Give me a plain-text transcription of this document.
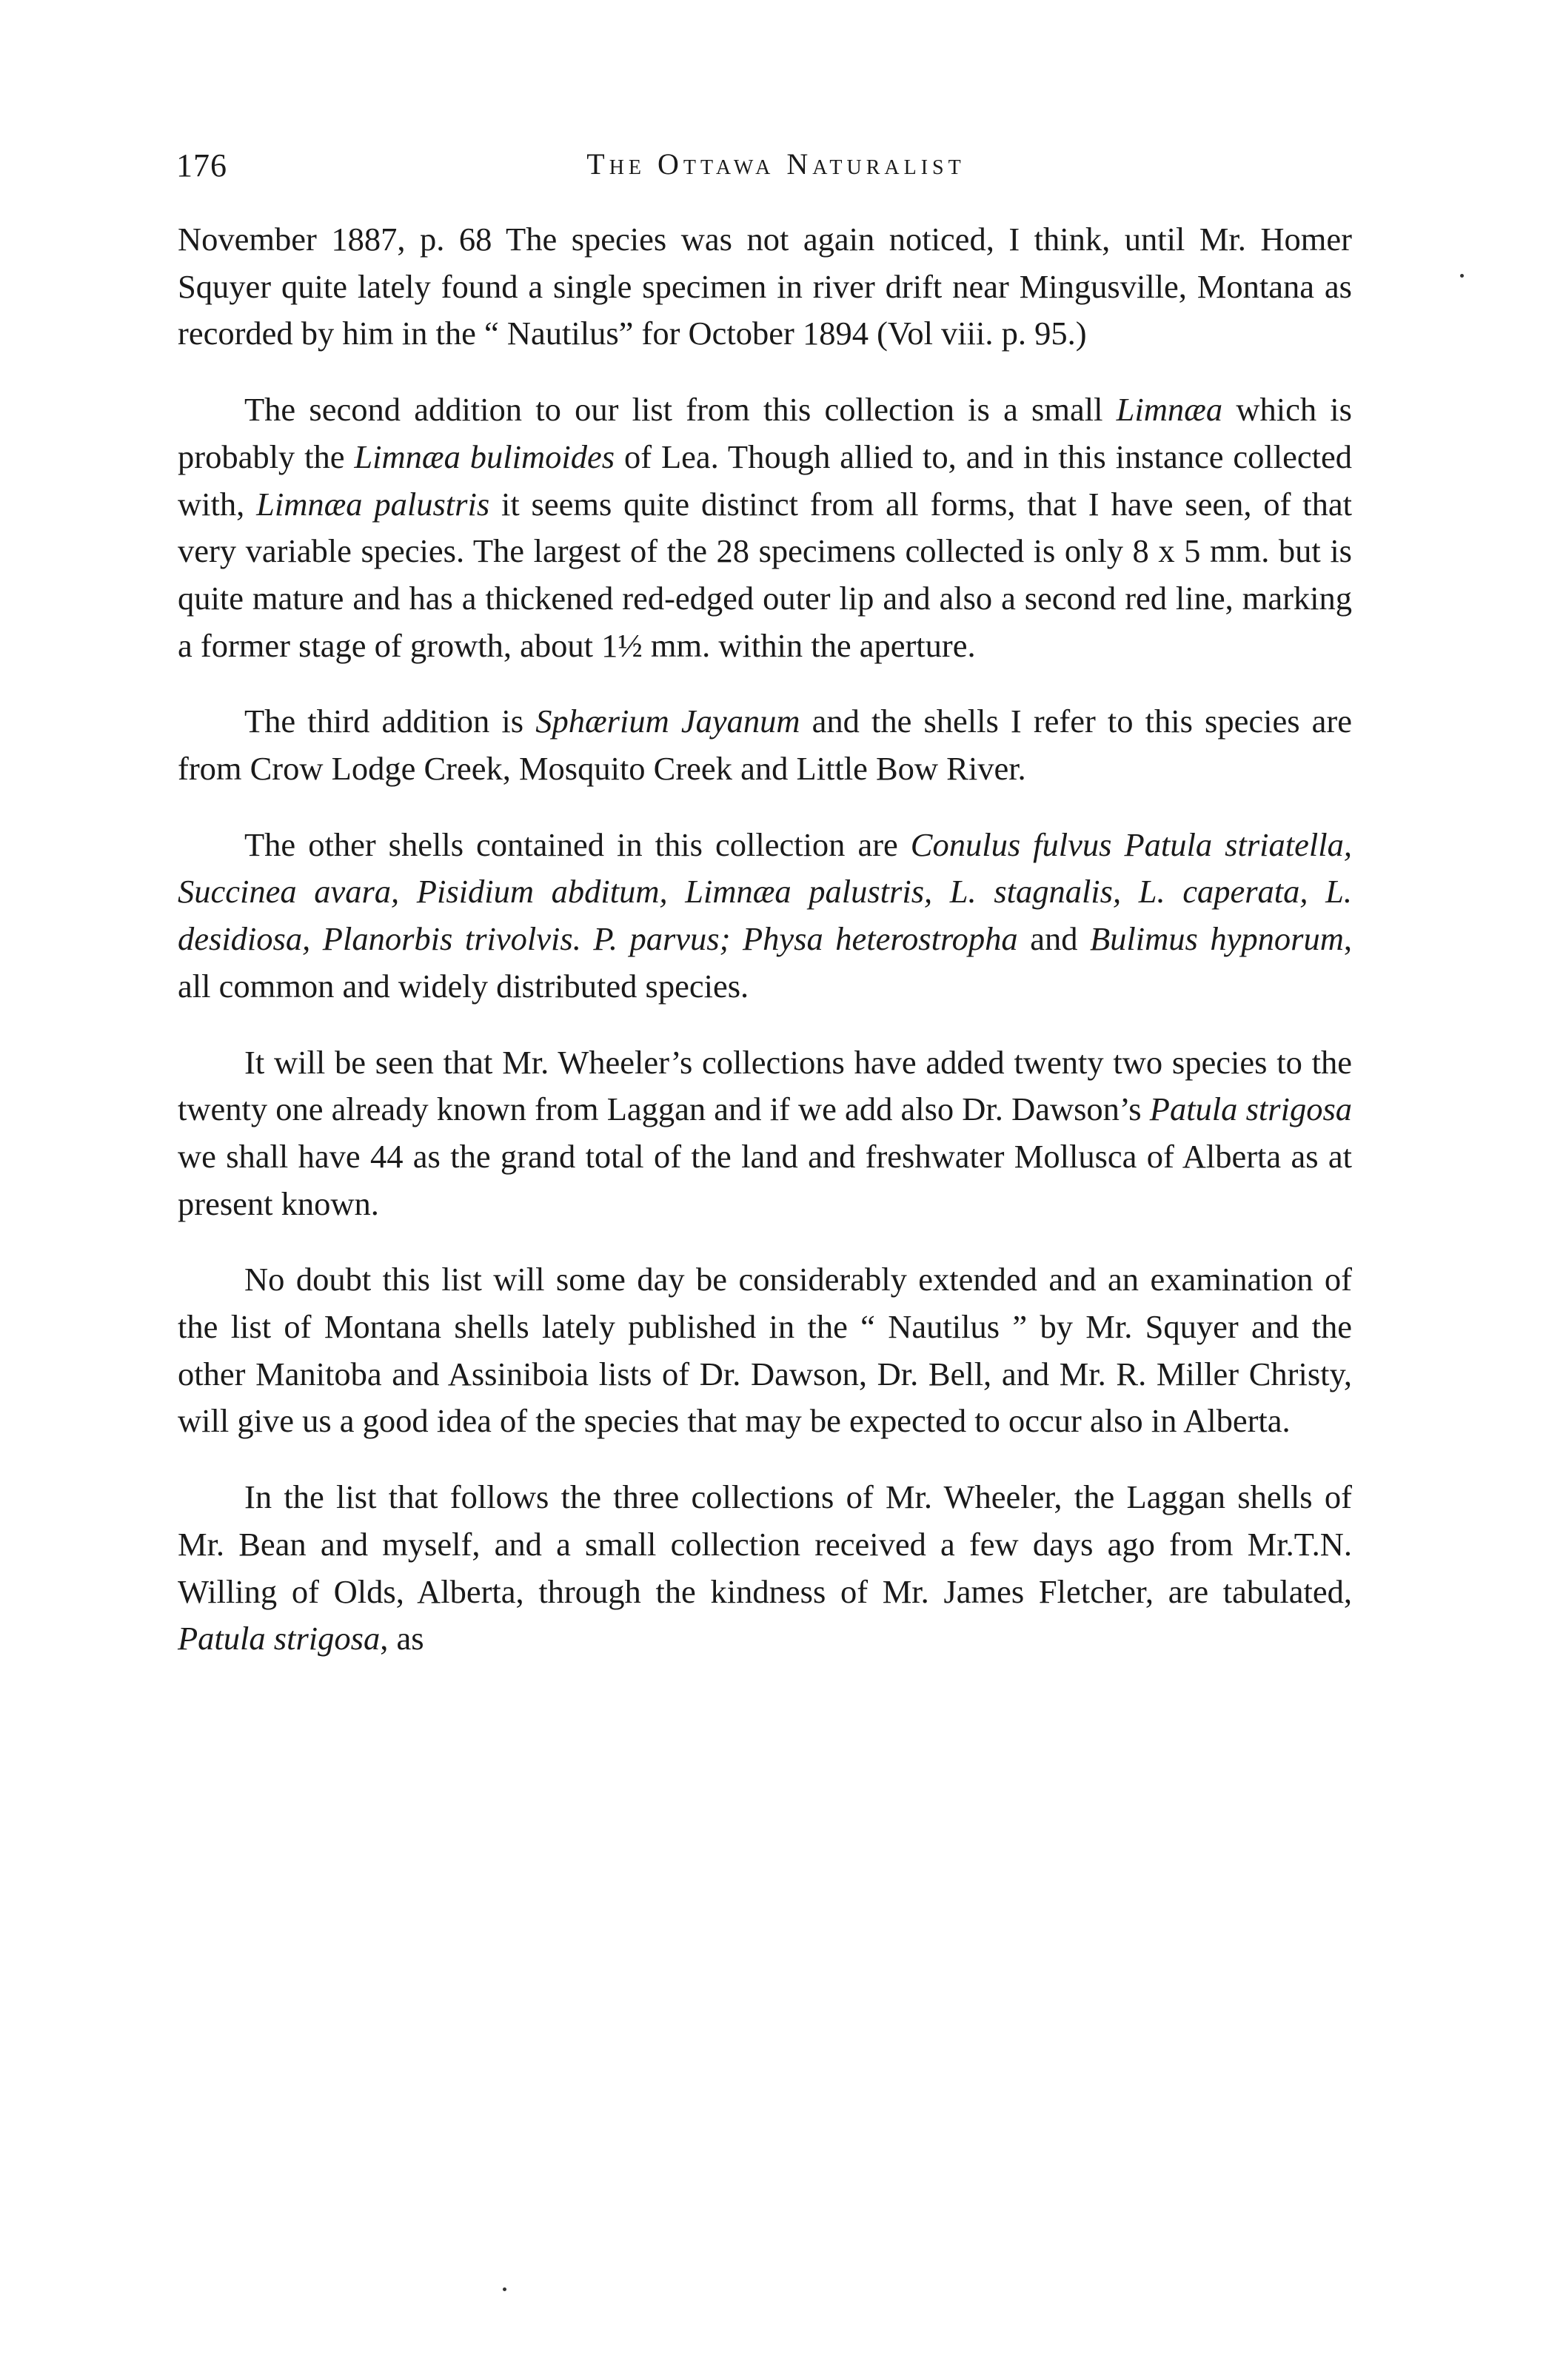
176	The Ottawa Naturalist

November 1887, p. 68 The species was not again noticed, I think, until Mr. Homer Squyer quite lately found a single specimen in river drift near Mingusville, Montana as recorded by him in the “ Nautilus” for October 1894 (Vol viii. p. 95.)

The second addition to our list from this collection is a small Limnæa which is probably the Limnæa bulimoides of Lea. Though allied to, and in this instance collected with, Limnæa palustris it seems quite distinct from all forms, that I have seen, of that very variable species. The largest of the 28 specimens collected is only 8 x 5 mm. but is quite mature and has a thickened red-edged outer lip and also a second red line, marking a former stage of growth, about 1½ mm. within the aperture.

The third addition is Sphærium Jayanum and the shells I refer to this species are from Crow Lodge Creek, Mosquito Creek and Little Bow River.

The other shells contained in this collection are Conulus fulvus Patula striatella, Succinea avara, Pisidium abditum, Limnæa palustris, L. stagnalis, L. caperata, L. desidiosa, Planorbis trivolvis. P. parvus; Physa heterostropha and Bulimus hypnorum, all common and widely distributed species.

It will be seen that Mr. Wheeler’s collections have added twenty two species to the twenty one already known from Laggan and if we add also Dr. Dawson’s Patula strigosa we shall have 44 as the grand total of the land and freshwater Mollusca of Alberta as at present known.

No doubt this list will some day be considerably extended and an examination of the list of Montana shells lately published in the “ Nautilus ” by Mr. Squyer and the other Manitoba and Assiniboia lists of Dr. Dawson, Dr. Bell, and Mr. R. Miller Christy, will give us a good idea of the species that may be expected to occur also in Alberta.

In the list that follows the three collections of Mr. Wheeler, the Laggan shells of Mr. Bean and myself, and a small collection received a few days ago from Mr.T.N. Willing of Olds, Alberta, through the kindness of Mr. James Fletcher, are tabulated, Patula strigosa, as
